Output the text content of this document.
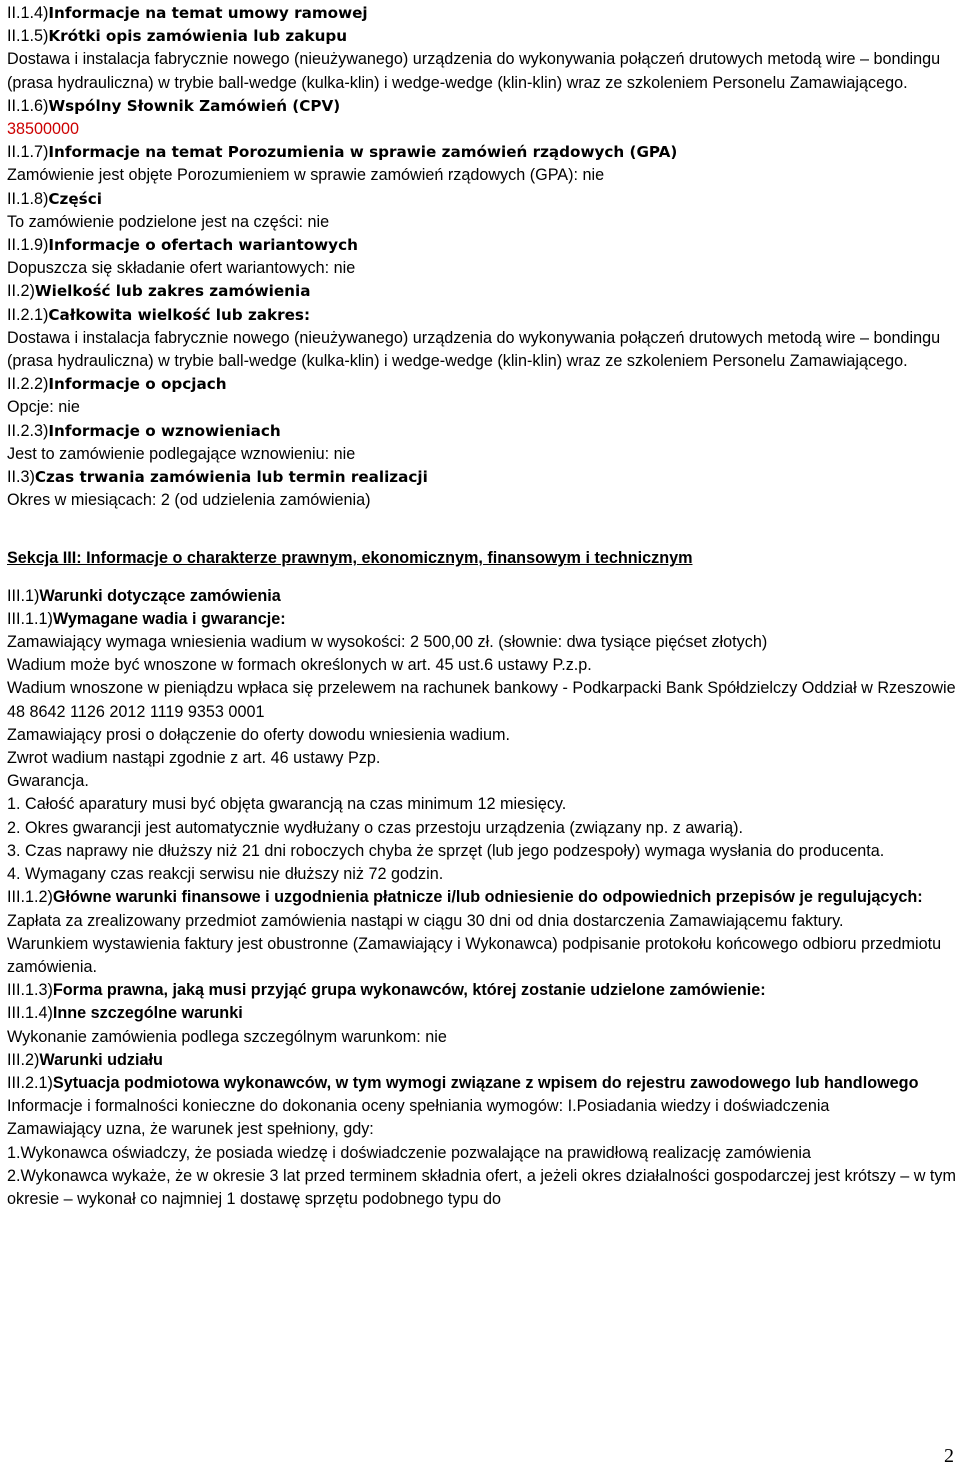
II.1.4)Informacje na temat umowy ramowej
II.1.5)Krótki opis zamówienia lub zakupu
Dostawa i instalacja fabrycznie nowego (nieużywanego) urządzenia do wykonywania połączeń drutowych metodą wire – bondingu (prasa hydrauliczna) w trybie ball-wedge (kulka-klin) i wedge-wedge (klin-klin) wraz ze szkoleniem Personelu Zamawiającego.
II.1.6)Wspólny Słownik Zamówień (CPV)
38500000
II.1.7)Informacje na temat Porozumienia w sprawie zamówień rządowych (GPA)
Zamówienie jest objęte Porozumieniem w sprawie zamówień rządowych (GPA): nie
II.1.8)Części
To zamówienie podzielone jest na części: nie
II.1.9)Informacje o ofertach wariantowych
Dopuszcza się składanie ofert wariantowych: nie
II.2)Wielkość lub zakres zamówienia
II.2.1)Całkowita wielkość lub zakres:
Dostawa i instalacja fabrycznie nowego (nieużywanego) urządzenia do wykonywania połączeń drutowych metodą wire – bondingu (prasa hydrauliczna) w trybie ball-wedge (kulka-klin) i wedge-wedge (klin-klin) wraz ze szkoleniem Personelu Zamawiającego.
II.2.2)Informacje o opcjach
Opcje: nie
II.2.3)Informacje o wznowieniach
Jest to zamówienie podlegające wznowieniu: nie
II.3)Czas trwania zamówienia lub termin realizacji
Okres w miesiącach: 2 (od udzielenia zamówienia)
Sekcja III: Informacje o charakterze prawnym, ekonomicznym, finansowym i technicznym
III.1)Warunki dotyczące zamówienia
III.1.1)Wymagane wadia i gwarancje:
Zamawiający wymaga wniesienia wadium w wysokości: 2 500,00 zł. (słownie: dwa tysiące pięćset złotych)
Wadium może być wnoszone w formach określonych w art. 45 ust.6 ustawy P.z.p.
Wadium wnoszone w pieniądzu wpłaca się przelewem na rachunek bankowy - Podkarpacki Bank Spółdzielczy Oddział w Rzeszowie 48 8642 1126 2012 1119 9353 0001
Zamawiający prosi o dołączenie do oferty dowodu wniesienia wadium.
Zwrot wadium nastąpi zgodnie z art. 46 ustawy Pzp.
Gwarancja.
1. Całość aparatury musi być objęta gwarancją na czas minimum 12 miesięcy.
2. Okres gwarancji jest automatycznie wydłużany o czas przestoju urządzenia (związany np. z awarią).
3. Czas naprawy nie dłuższy niż 21 dni roboczych chyba że sprzęt (lub jego podzespoły) wymaga wysłania do producenta.
4. Wymagany czas reakcji serwisu nie dłuższy niż 72 godzin.
III.1.2)Główne warunki finansowe i uzgodnienia płatnicze i/lub odniesienie do odpowiednich przepisów je regulujących:
Zapłata za zrealizowany przedmiot zamówienia nastąpi w ciągu 30 dni od dnia dostarczenia Zamawiającemu faktury.
Warunkiem wystawienia faktury jest obustronne (Zamawiający i Wykonawca) podpisanie protokołu końcowego odbioru przedmiotu zamówienia.
III.1.3)Forma prawna, jaką musi przyjąć grupa wykonawców, której zostanie udzielone zamówienie:
III.1.4)Inne szczególne warunki
Wykonanie zamówienia podlega szczególnym warunkom: nie
III.2)Warunki udziału
III.2.1)Sytuacja podmiotowa wykonawców, w tym wymogi związane z wpisem do rejestru zawodowego lub handlowego
Informacje i formalności konieczne do dokonania oceny spełniania wymogów: I.Posiadania wiedzy i doświadczenia
Zamawiający uzna, że warunek jest spełniony, gdy:
1.Wykonawca oświadczy, że posiada wiedzę i doświadczenie pozwalające na prawidłową realizację zamówienia
2.Wykonawca wykaże, że w okresie 3 lat przed terminem składnia ofert, a jeżeli okres działalności gospodarczej jest krótszy – w tym okresie – wykonał co najmniej 1 dostawę sprzętu podobnego typu do
2
